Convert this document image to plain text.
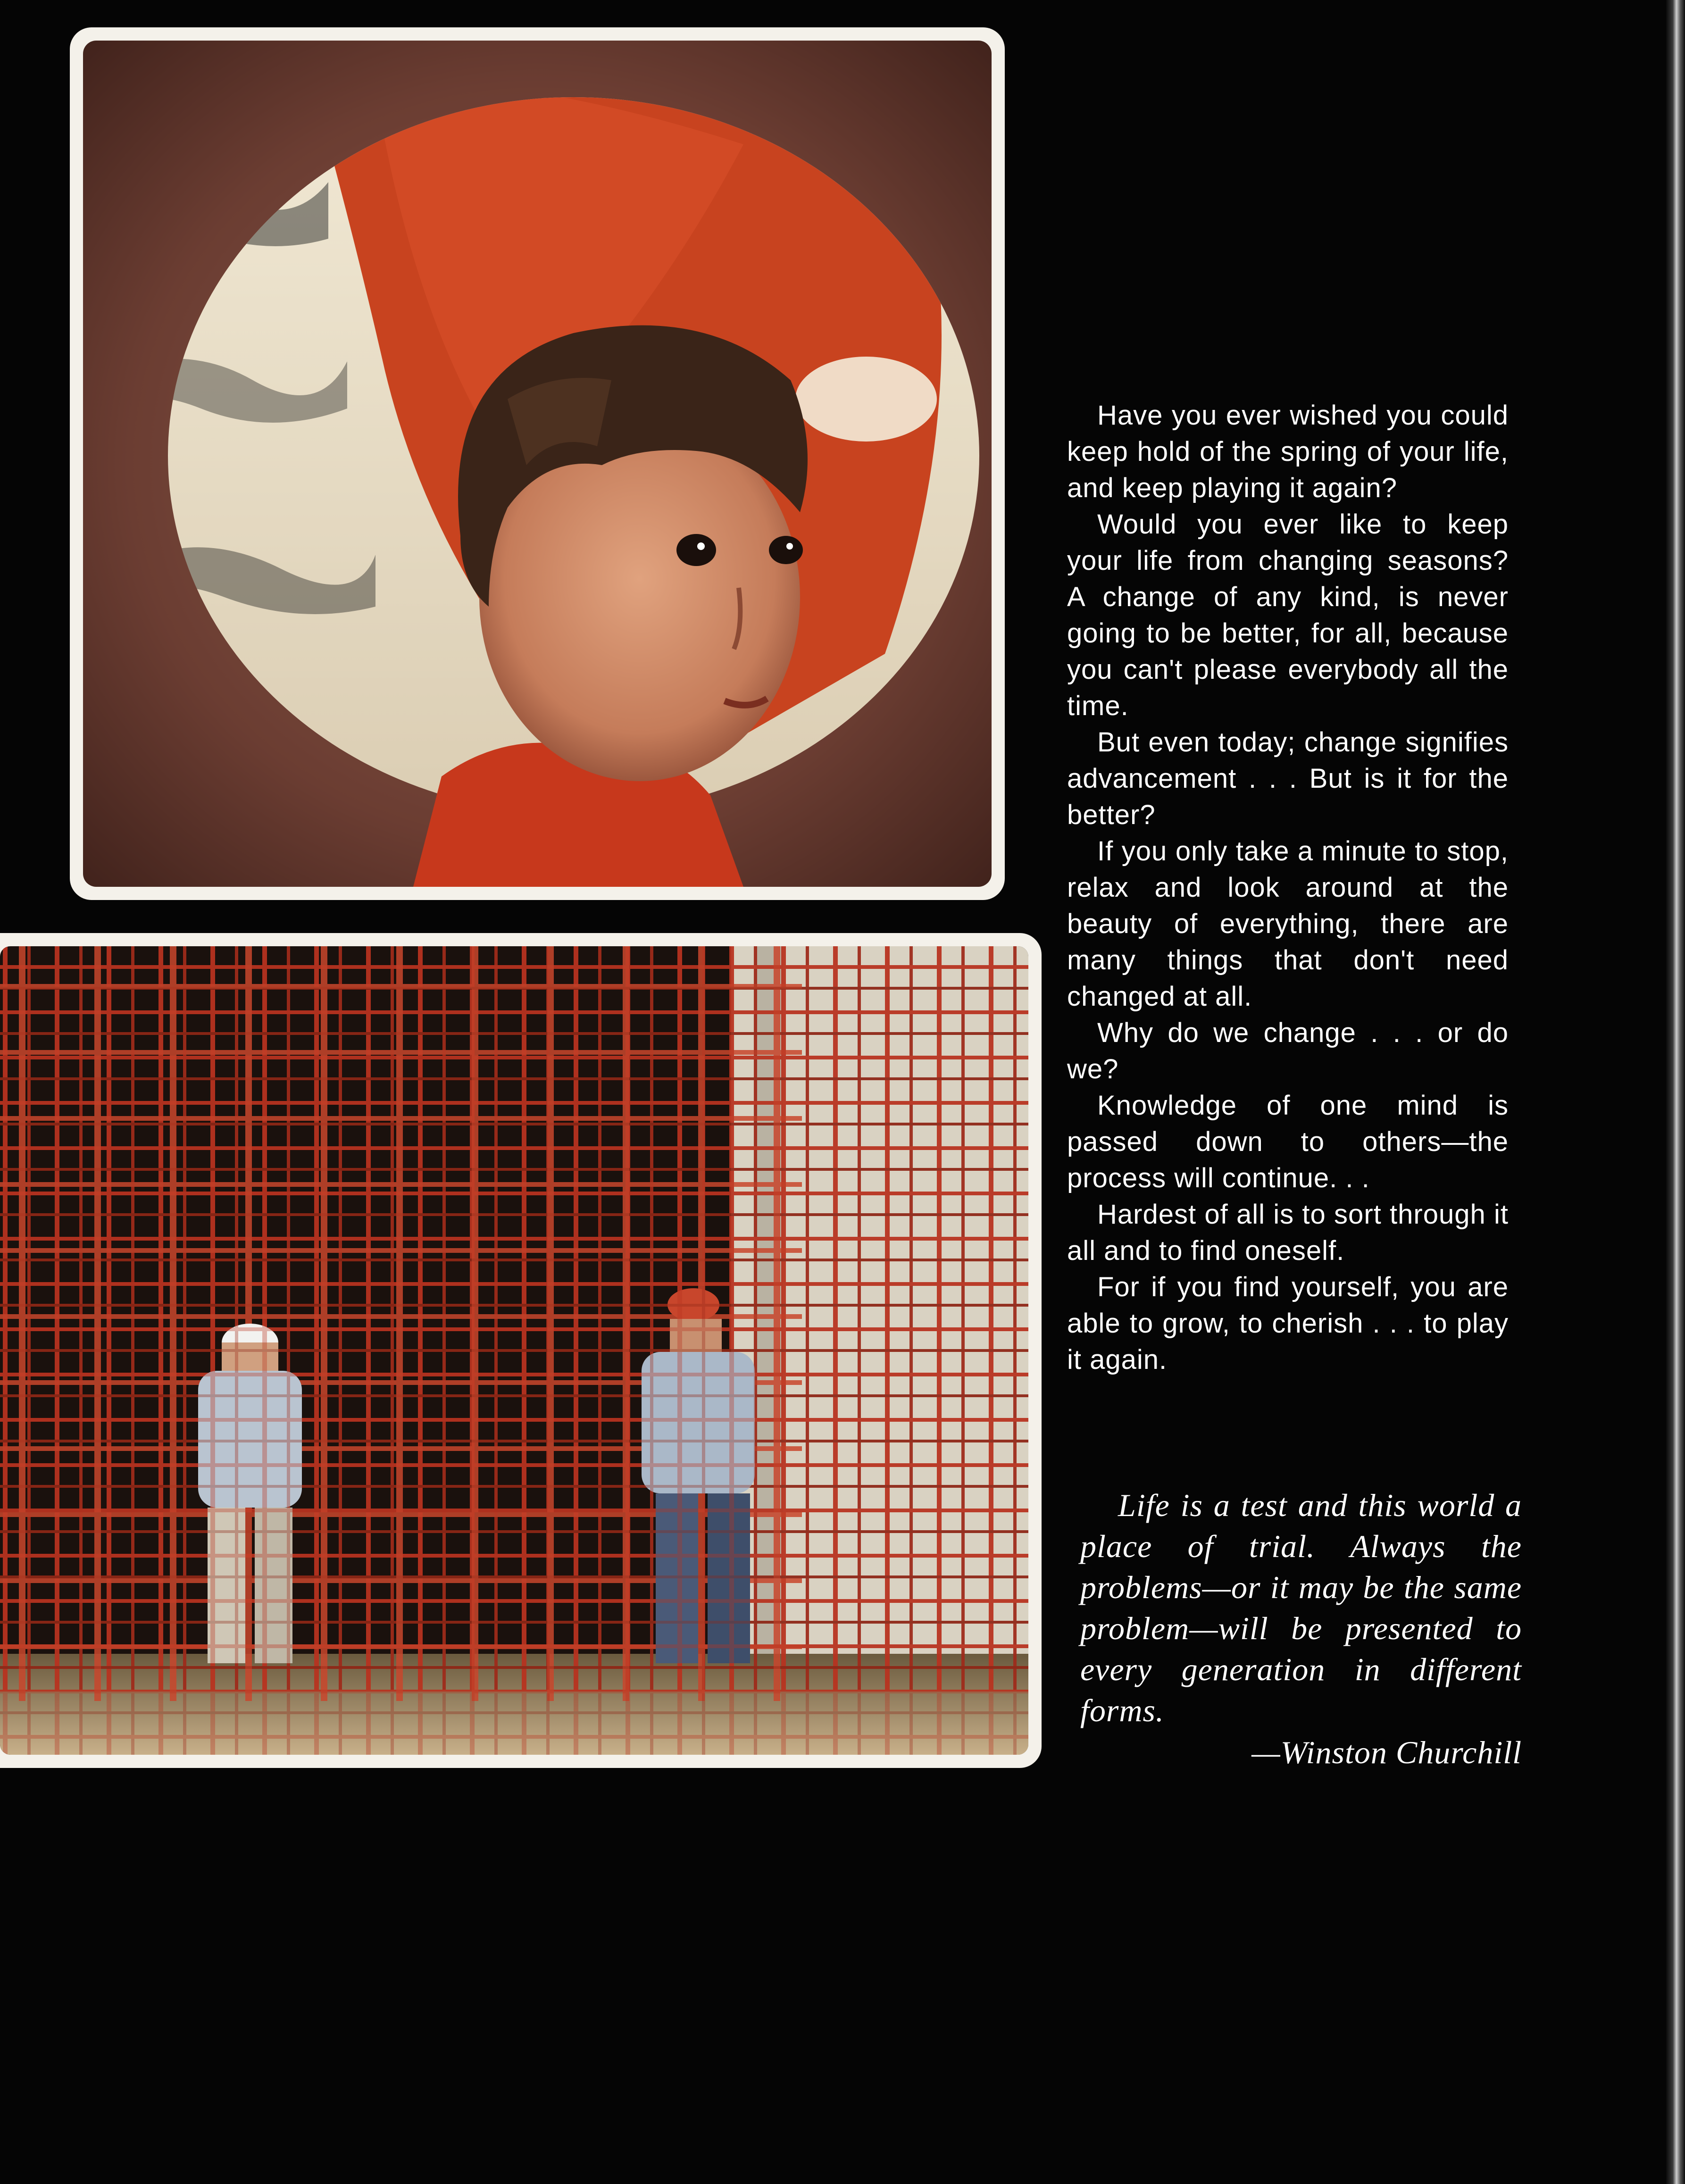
Have you ever wished you could keep hold of the spring of your life, and keep playing it again?

Would you ever like to keep your life from changing seasons? A change of any kind, is never going to be better, for all, because you can't please everybody all the time.

But even today; change signifies advancement . . . But is it for the better?

If you only take a minute to stop, relax and look around at the beauty of everything, there are many things that don't need changed at all.

Why do we change . . . or do we?

Knowledge of one mind is passed down to others—the process will continue. . .

Hardest of all is to sort through it all and to find oneself.

For if you find yourself, you are able to grow, to cherish . . . to play it again.

Life is a test and this world a place of trial. Always the problems—or it may be the same problem—will be presented to every generation in different forms.

—Winston Churchill
